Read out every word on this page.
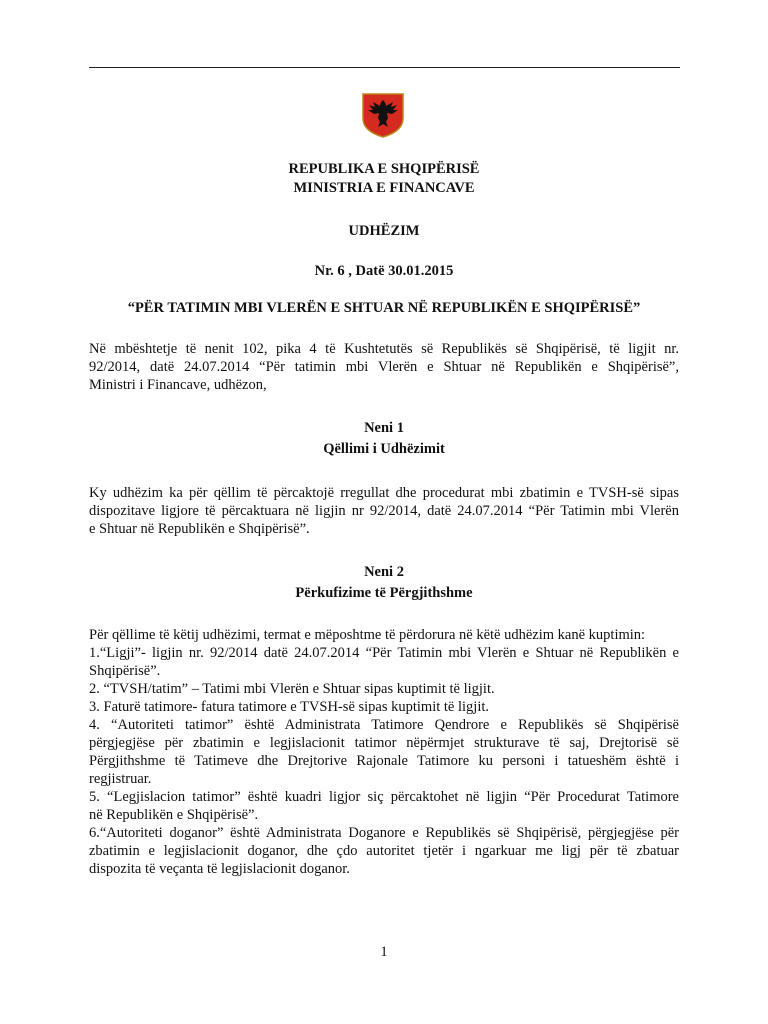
REPUBLIKA E SHQIPËRISË
MINISTRIA E FINANCAVE
UDHËZIM
Nr. 6 , Datë 30.01.2015
“PËR TATIMIN MBI VLERËN E SHTUAR NË REPUBLIKËN E SHQIPËRISË”
Në mbështetje të nenit 102, pika 4 të Kushtetutës së Republikës së Shqipërisë, të ligjit nr.
92/2014, datë 24.07.2014 “Për tatimin mbi Vlerën e Shtuar në Republikën e Shqipërisë”,
Ministri i Financave, udhëzon,
Neni 1
Qëllimi i Udhëzimit
Ky udhëzim ka për qëllim të përcaktojë rregullat dhe procedurat mbi zbatimin e TVSH-së sipas
dispozitave ligjore të përcaktuara në ligjin nr 92/2014, datë 24.07.2014 “Për Tatimin mbi Vlerën
e Shtuar në Republikën e Shqipërisë”.
Neni 2
Përkufizime të Përgjithshme
Për qëllime të këtij udhëzimi, termat e mëposhtme të përdorura në këtë udhëzim kanë kuptimin:
1.“Ligji”- ligjin nr. 92/2014 datë 24.07.2014 “Për Tatimin mbi Vlerën e Shtuar në Republikën e
Shqipërisë”.
2. “TVSH/tatim” – Tatimi mbi Vlerën e Shtuar sipas kuptimit të ligjit.
3. Faturë tatimore- fatura tatimore e TVSH-së sipas kuptimit të ligjit.
4. “Autoriteti tatimor” është Administrata Tatimore Qendrore e Republikës së Shqipërisë
përgjegjëse për zbatimin e legjislacionit tatimor nëpërmjet strukturave të saj, Drejtorisë së
Përgjithshme të Tatimeve dhe Drejtorive Rajonale Tatimore ku personi i tatueshëm është i
regjistruar.
5. “Legjislacion tatimor” është kuadri ligjor siç përcaktohet në ligjin “Për Procedurat Tatimore
në Republikën e Shqipërisë”.
6.“Autoriteti doganor” është Administrata Doganore e Republikës së Shqipërisë, përgjegjëse për
zbatimin e legjislacionit doganor, dhe çdo autoritet tjetër i ngarkuar me ligj për të zbatuar
dispozita të veçanta të legjislacionit doganor.
1
